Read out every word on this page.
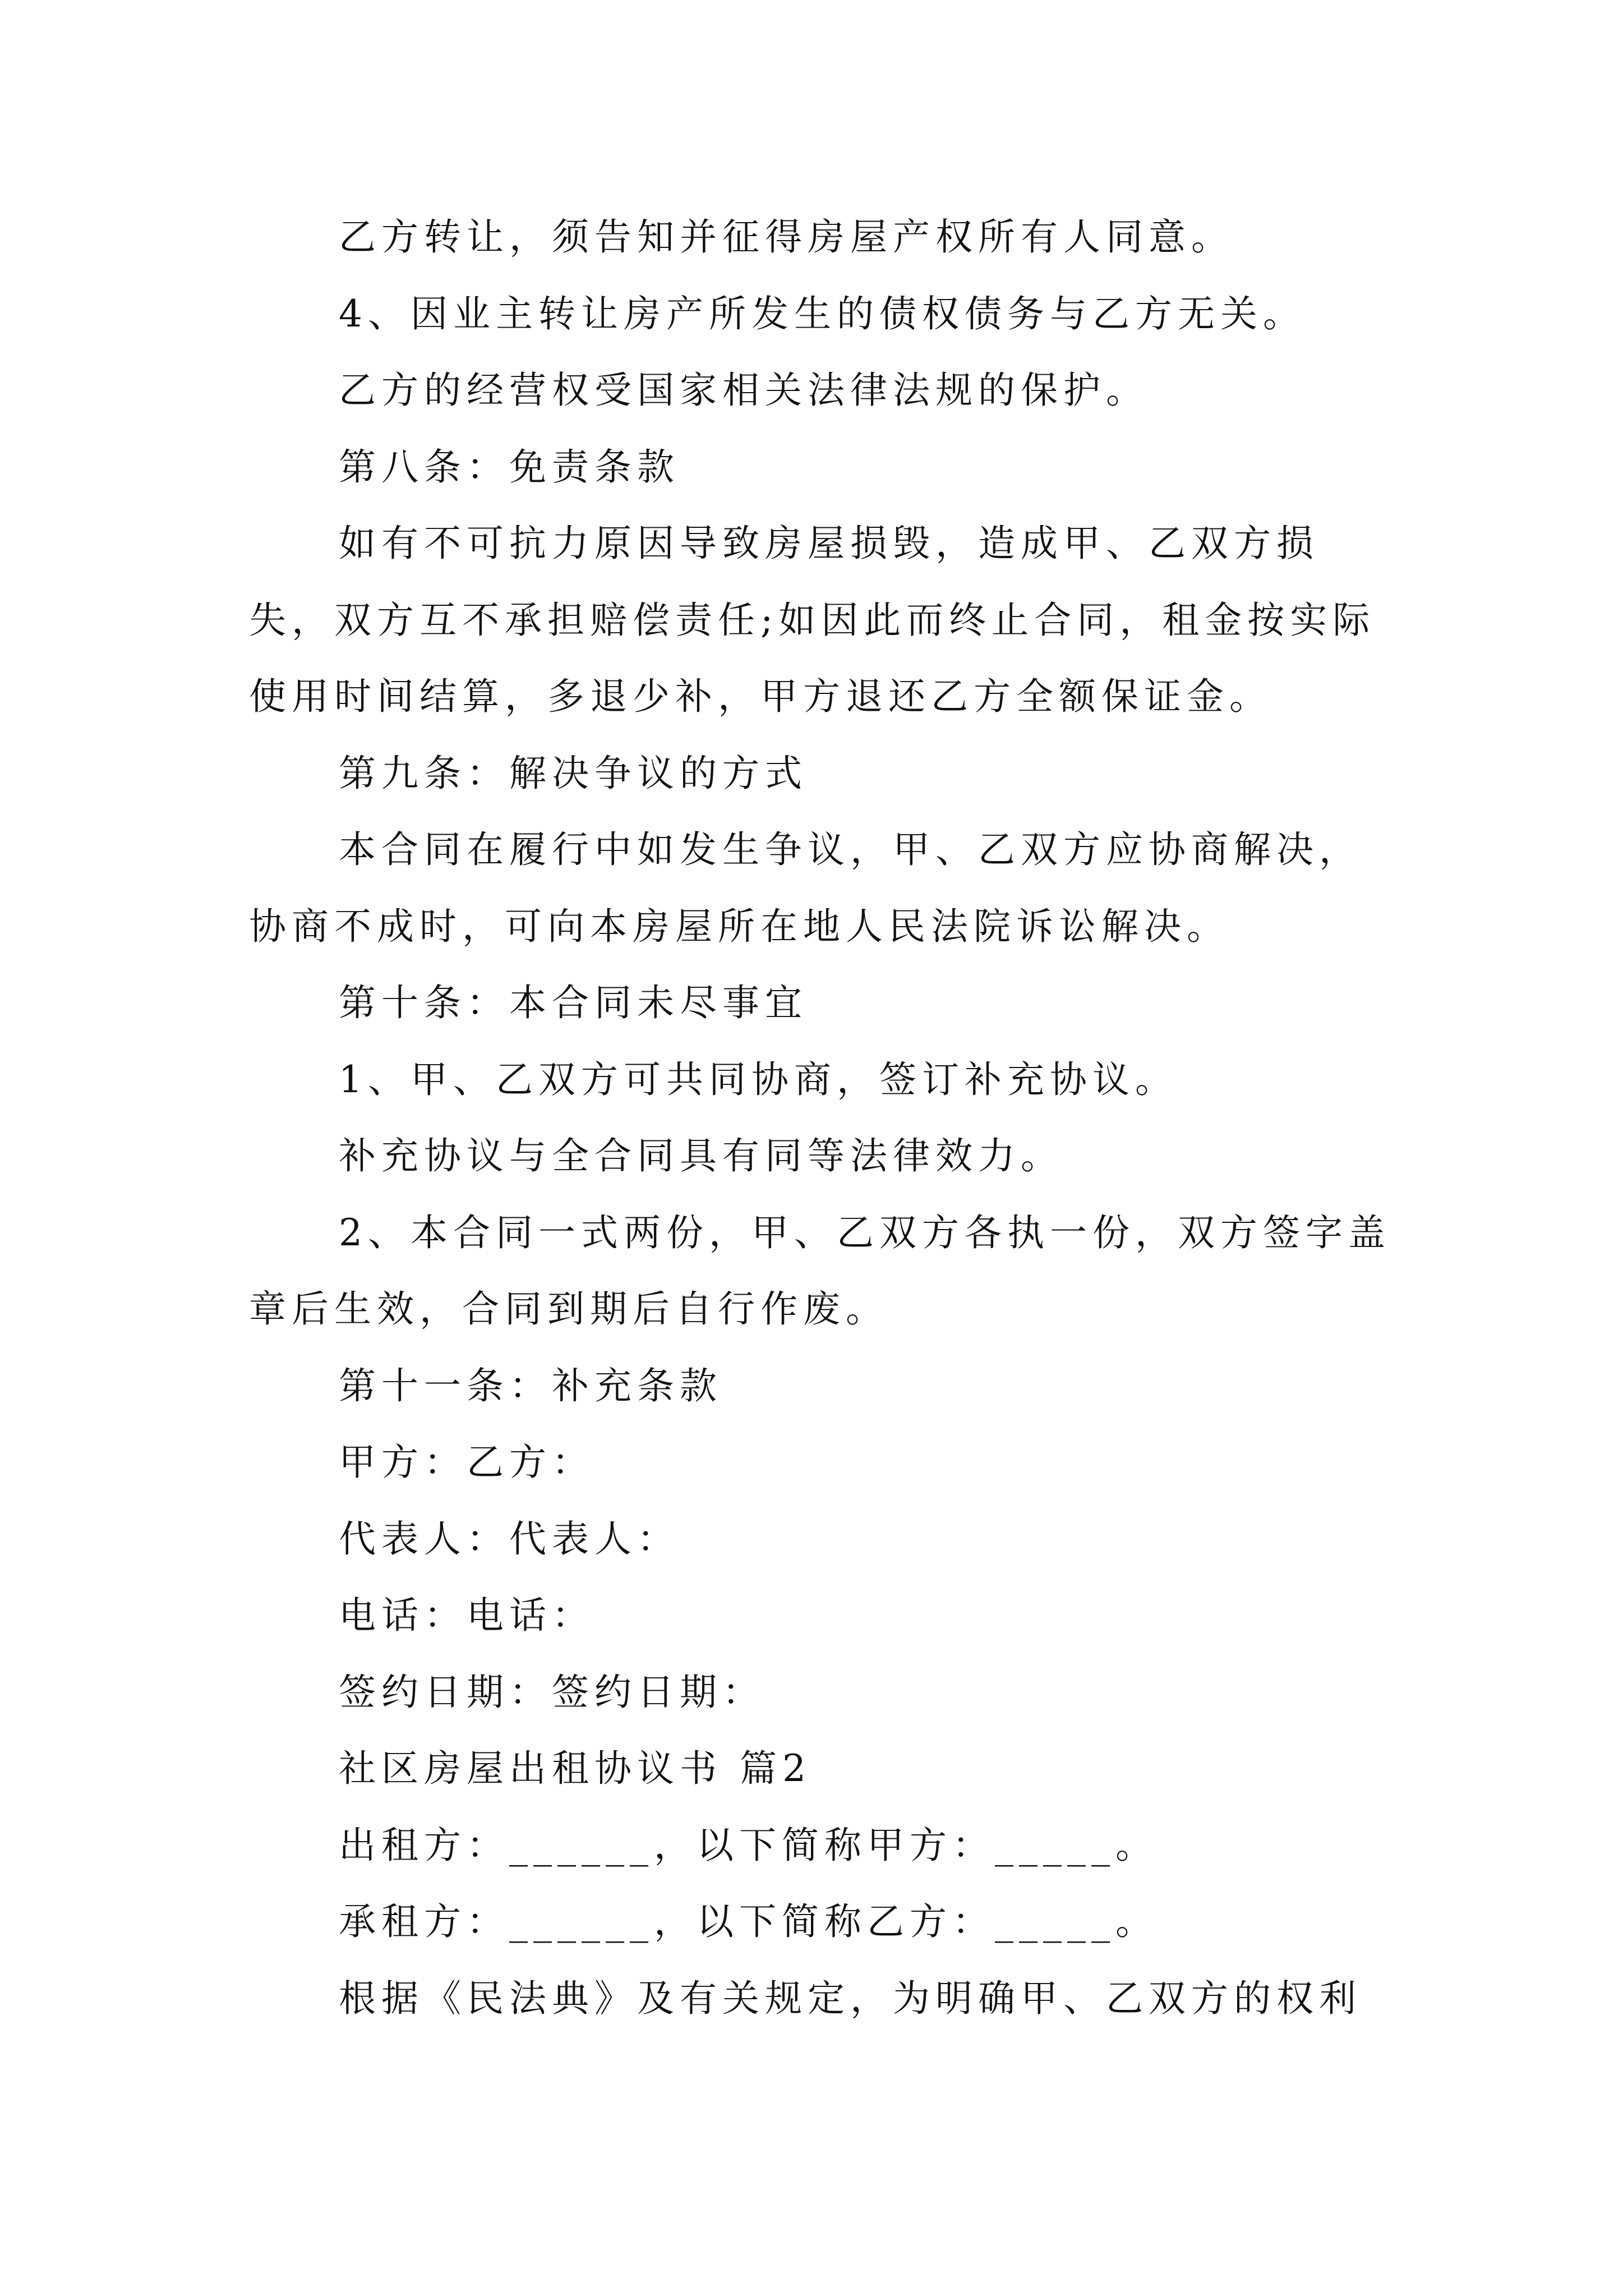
乙方转让，须告知并征得房屋产权所有人同意。

4、因业主转让房产所发生的债权债务与乙方无关。

乙方的经营权受国家相关法律法规的保护。

第八条：免责条款

如有不可抗力原因导致房屋损毁，造成甲、乙双方损失，双方互不承担赔偿责任;如因此而终止合同，租金按实际使用时间结算，多退少补，甲方退还乙方全额保证金。

第九条：解决争议的方式

本合同在履行中如发生争议，甲、乙双方应协商解决，协商不成时，可向本房屋所在地人民法院诉讼解决。

第十条：本合同未尽事宜

1、甲、乙双方可共同协商，签订补充协议。

补充协议与全合同具有同等法律效力。

2、本合同一式两份，甲、乙双方各执一份，双方签字盖章后生效，合同到期后自行作废。

第十一条：补充条款

甲方：乙方：

代表人：代表人：

电话：电话：

签约日期：签约日期：

社区房屋出租协议书 篇2

出租方：______，以下简称甲方：_____。

承租方：______，以下简称乙方：_____。

根据《民法典》及有关规定，为明确甲、乙双方的权利
